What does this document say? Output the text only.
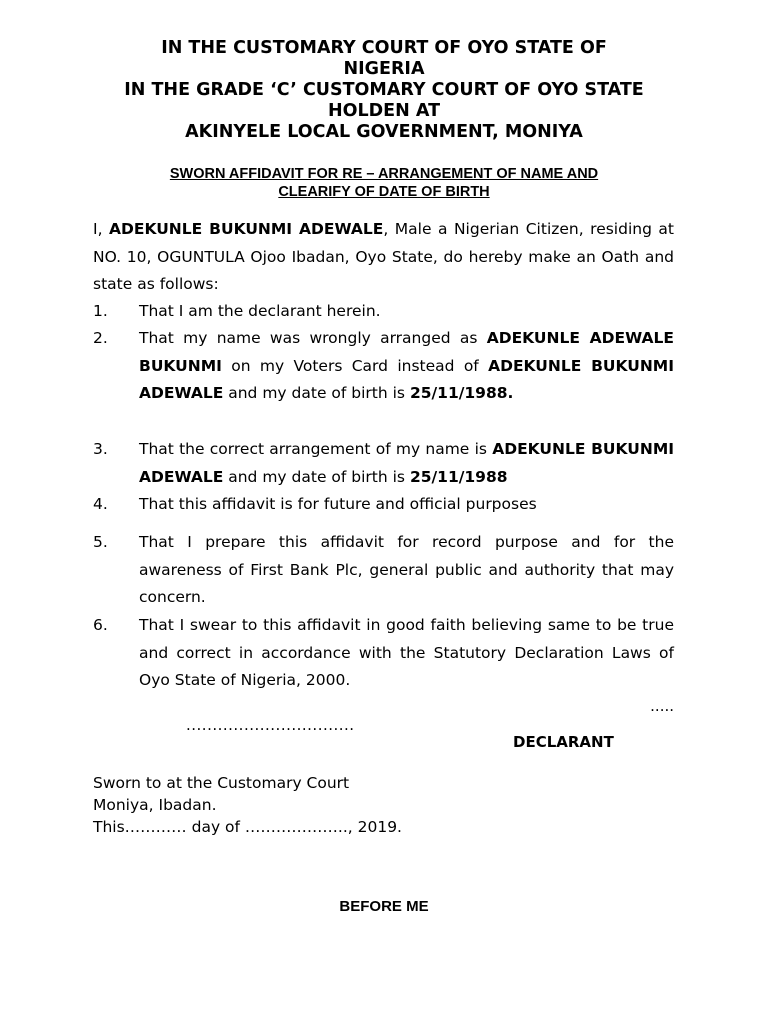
IN THE CUSTOMARY COURT OF OYO STATE OF
NIGERIA
IN THE GRADE ‘C’ CUSTOMARY COURT OF OYO STATE
HOLDEN AT
AKINYELE LOCAL GOVERNMENT, MONIYA
SWORN AFFIDAVIT FOR RE – ARRANGEMENT OF NAME AND
CLEARIFY OF DATE OF BIRTH
I, ADEKUNLE BUKUNMI ADEWALE, Male a Nigerian Citizen, residing at NO. 10, OGUNTULA Ojoo Ibadan, Oyo State, do hereby make an Oath and state as follows:
1.	That I am the declarant herein.
2.	That my name was wrongly arranged as ADEKUNLE ADEWALE BUKUNMI on my Voters Card instead of ADEKUNLE BUKUNMI ADEWALE and my date of birth is 25/11/1988.
3.	That the correct arrangement of my name is ADEKUNLE BUKUNMI ADEWALE and my date of birth is 25/11/1988
4.	That this affidavit is for future and official purposes
5.	That I prepare this affidavit for record purpose and for the awareness of First Bank Plc, general public and authority that may concern.
6.	That I swear to this affidavit in good faith believing same to be true and correct in accordance with the Statutory Declaration Laws of Oyo State of Nigeria, 2000.
.....
................................
DECLARANT
Sworn to at the Customary Court
Moniya, Ibadan.
This………… day of ……………….., 2019.
BEFORE ME
